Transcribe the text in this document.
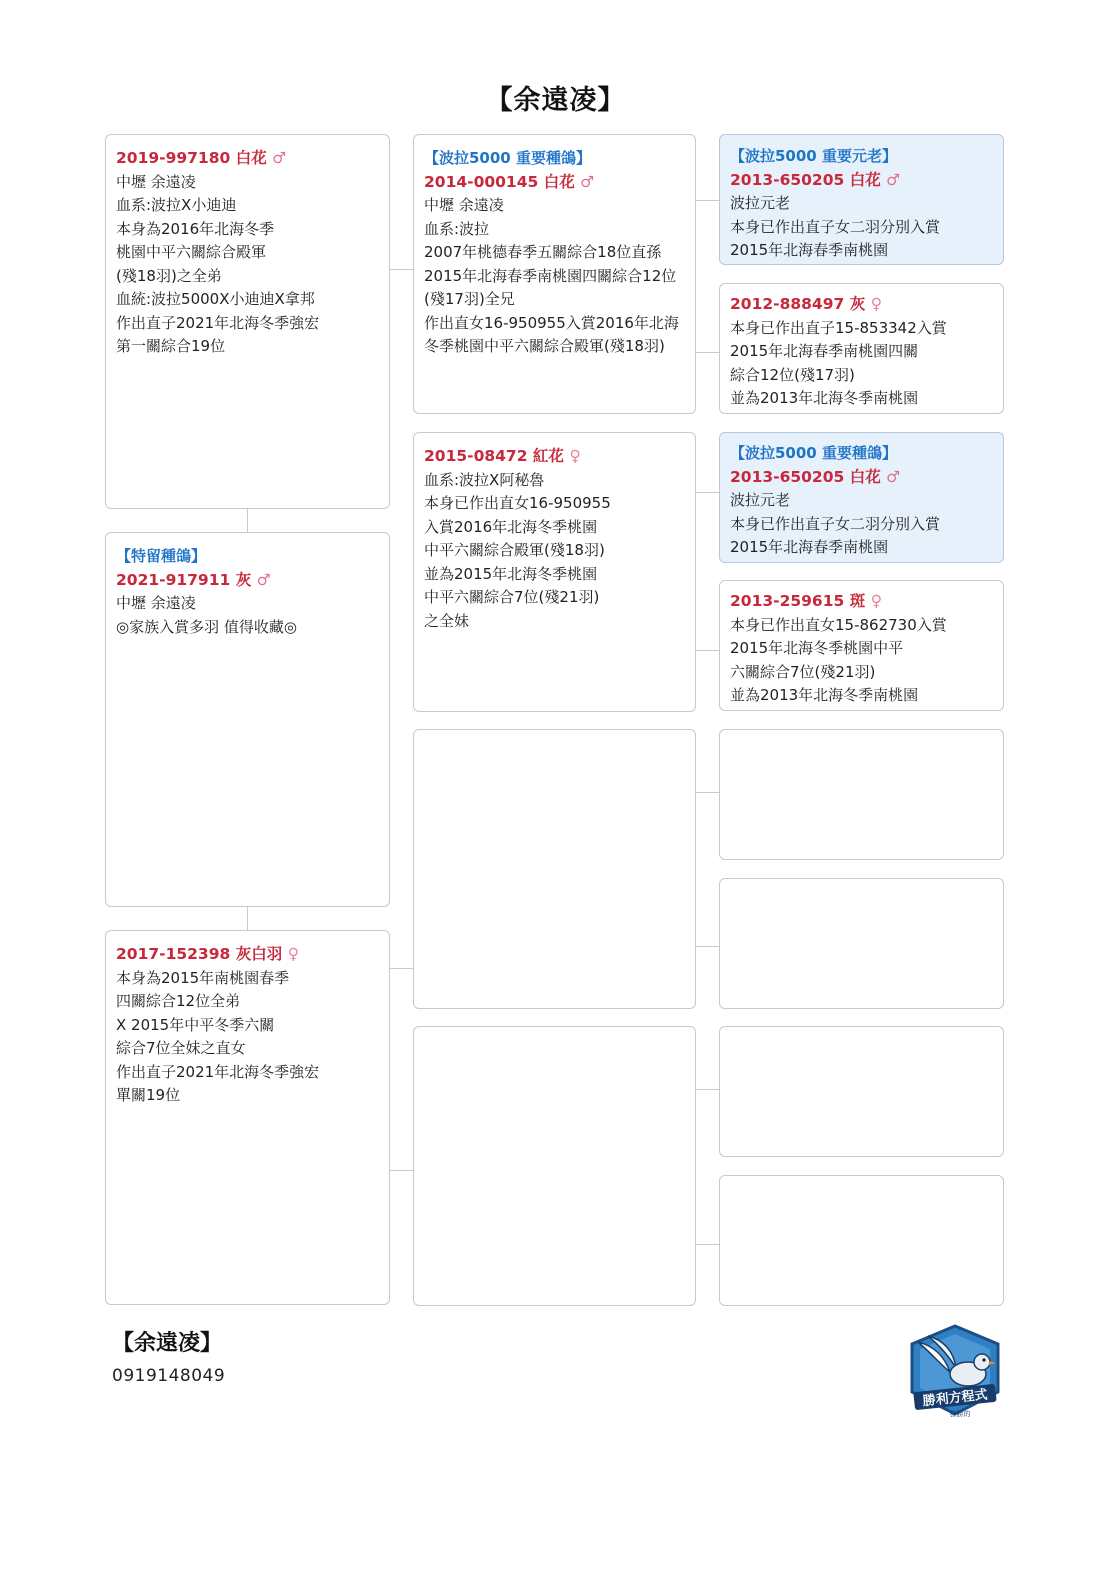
【余遠凌】
2019-997180 白花 ♂
中壢 余遠凌
血系:波拉X小迪迪
本身為2016年北海冬季
桃園中平六關綜合殿軍
(殘18羽)之全弟
血統:波拉5000X小迪迪X拿邦
作出直子2021年北海冬季強宏
第一關綜合19位
【特留種鴿】
2021-917911 灰 ♂
中壢 余遠凌
◎家族入賞多羽 值得收藏◎
2017-152398 灰白羽 ♀
本身為2015年南桃園春季
四關綜合12位全弟
X 2015年中平冬季六關
綜合7位全妹之直女
作出直子2021年北海冬季強宏
單關19位
【波拉5000 重要種鴿】
2014-000145 白花 ♂
中壢 余遠凌
血系:波拉
2007年桃德春季五關綜合18位直孫
2015年北海春季南桃園四關綜合12位
(殘17羽)全兄
作出直女16-950955入賞2016年北海
冬季桃園中平六關綜合殿軍(殘18羽)
2015-08472 紅花 ♀
血系:波拉X阿秘魯
本身已作出直女16-950955
入賞2016年北海冬季桃園
中平六關綜合殿軍(殘18羽)
並為2015年北海冬季桃園
中平六關綜合7位(殘21羽)
之全妹
【波拉5000 重要元老】
2013-650205 白花 ♂
波拉元老
本身已作出直子女二羽分別入賞
2015年北海春季南桃園
2012-888497 灰 ♀
本身已作出直子15-853342入賞
2015年北海春季南桃園四關
綜合12位(殘17羽)
並為2013年北海冬季南桃園
【波拉5000 重要種鴿】
2013-650205 白花 ♂
波拉元老
本身已作出直子女二羽分別入賞
2015年北海春季南桃園
2013-259615 斑 ♀
本身已作出直女15-862730入賞
2015年北海冬季桃園中平
六關綜合7位(殘21羽)
並為2013年北海冬季南桃園
【余遠凌】
0919148049
勝利方程式
發勝的
